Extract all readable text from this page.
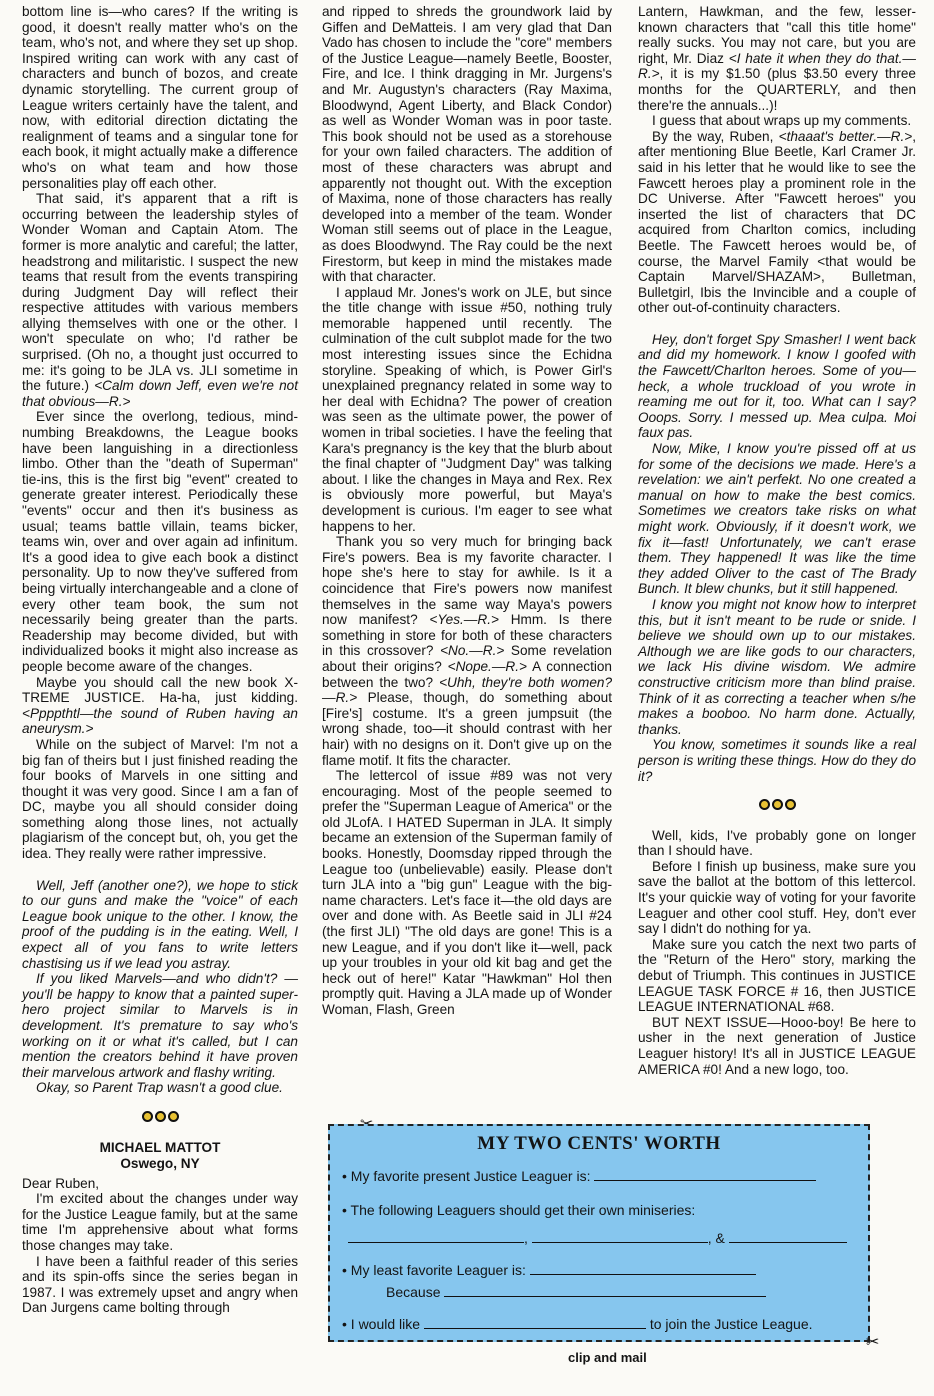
bottom line is—who cares? If the writing is good, it doesn't really matter who's on the team, who's not, and where they set up shop. Inspired writing can work with any cast of characters and bunch of bozos, and create dynamic storytelling. The current group of League writers certainly have the talent, and now, with editorial direction dictating the realignment of teams and a singular tone for each book, it might actually make a difference who's on what team and how those personalities play off each other.

That said, it's apparent that a rift is occurring between the leadership styles of Wonder Woman and Captain Atom. The former is more analytic and careful; the latter, headstrong and militaristic. I suspect the new teams that result from the events transpiring during Judgment Day will reflect their respective attitudes with various members allying themselves with one or the other. I won't speculate on who; I'd rather be surprised. (Oh no, a thought just occurred to me: it's going to be JLA vs. JLI sometime in the future.) <Calm down Jeff, even we're not that obvious—R.>

Ever since the overlong, tedious, mind-numbing Breakdowns, the League books have been languishing in a directionless limbo. Other than the "death of Superman" tie-ins, this is the first big "event" created to generate greater interest. Periodically these "events" occur and then it's business as usual; teams battle villain, teams bicker, teams win, over and over again ad infinitum. It's a good idea to give each book a distinct personality. Up to now they've suffered from being virtually interchangeable and a clone of every other team book, the sum not necessarily being greater than the parts. Readership may become divided, but with individualized books it might also increase as people become aware of the changes.

Maybe you should call the new book X-TREME JUSTICE. Ha-ha, just kidding. <Ppppthtl—the sound of Ruben having an aneurysm.>

While on the subject of Marvel: I'm not a big fan of theirs but I just finished reading the four books of Marvels in one sitting and thought it was very good. Since I am a fan of DC, maybe you all should consider doing something along those lines, not actually plagiarism of the concept but, oh, you get the idea. They really were rather impressive.

Well, Jeff (another one?), we hope to stick to our guns and make the "voice" of each League book unique to the other. I know, the proof of the pudding is in the eating. Well, I expect all of you fans to write letters chastising us if we lead you astray.

If you liked Marvels—and who didn't? —you'll be happy to know that a painted super-hero project similar to Marvels is in development. It's premature to say who's working on it or what it's called, but I can mention the creators behind it have proven their marvelous artwork and flashy writing.

Okay, so Parent Trap wasn't a good clue.

MICHAEL MATTOT
Oswego, NY

Dear Ruben,

I'm excited about the changes under way for the Justice League family, but at the same time I'm apprehensive about what forms those changes may take.

I have been a faithful reader of this series and its spin-offs since the series began in 1987. I was extremely upset and angry when Dan Jurgens came bolting through

and ripped to shreds the groundwork laid by Giffen and DeMatteis. I am very glad that Dan Vado has chosen to include the "core" members of the Justice League—namely Beetle, Booster, Fire, and Ice. I think dragging in Mr. Jurgens's and Mr. Augustyn's characters (Ray Maxima, Bloodwynd, Agent Liberty, and Black Condor) as well as Wonder Woman was in poor taste. This book should not be used as a storehouse for your own failed characters. The addition of most of these characters was abrupt and apparently not thought out. With the exception of Maxima, none of those characters has really developed into a member of the team. Wonder Woman still seems out of place in the League, as does Bloodwynd. The Ray could be the next Firestorm, but keep in mind the mistakes made with that character.

I applaud Mr. Jones's work on JLE, but since the title change with issue #50, nothing truly memorable happened until recently. The culmination of the cult subplot made for the two most interesting issues since the Echidna storyline. Speaking of which, is Power Girl's unexplained pregnancy related in some way to her deal with Echidna? The power of creation was seen as the ultimate power, the power of women in tribal societies. I have the feeling that Kara's pregnancy is the key that the blurb about the final chapter of "Judgment Day" was talking about. I like the changes in Maya and Rex. Rex is obviously more powerful, but Maya's development is curious. I'm eager to see what happens to her.

Thank you so very much for bringing back Fire's powers. Bea is my favorite character. I hope she's here to stay for awhile. Is it a coincidence that Fire's powers now manifest themselves in the same way Maya's powers now manifest? <Yes.—R.> Hmm. Is there something in store for both of these characters in this crossover? <No.—R.> Some revelation about their origins? <Nope.—R.> A connection between the two? <Uhh, they're both women?—R.> Please, though, do something about [Fire's] costume. It's a green jumpsuit (the wrong shade, too—it should contrast with her hair) with no designs on it. Don't give up on the flame motif. It fits the character.

The lettercol of issue #89 was not very encouraging. Most of the people seemed to prefer the "Superman League of America" or the old JLofA. I HATED Superman in JLA. It simply became an extension of the Superman family of books. Honestly, Doomsday ripped through the League too (unbelievable) easily. Please don't turn JLA into a "big gun" League with the big-name characters. Let's face it—the old days are over and done with. As Beetle said in JLI #24 (the first JLI) "The old days are gone! This is a new League, and if you don't like it—well, pack up your troubles in your old kit bag and get the heck out of here!" Katar "Hawkman" Hol then promptly quit. Having a JLA made up of Wonder Woman, Flash, Green

Lantern, Hawkman, and the few, lesser-known characters that "call this title home" really sucks. You may not care, but you are right, Mr. Diaz <I hate it when they do that.—R.>, it is my $1.50 (plus $3.50 every three months for the QUARTERLY, and then there're the annuals...)!

I guess that about wraps up my comments.

By the way, Ruben, <thaaat's better.—R.>, after mentioning Blue Beetle, Karl Cramer Jr. said in his letter that he would like to see the Fawcett heroes play a prominent role in the DC Universe. After "Fawcett heroes" you inserted the list of characters that DC acquired from Charlton comics, including Beetle. The Fawcett heroes would be, of course, the Marvel Family <that would be Captain Marvel/SHAZAM>, Bulletman, Bulletgirl, Ibis the Invincible and a couple of other out-of-continuity characters.

Hey, don't forget Spy Smasher! I went back and did my homework. I know I goofed with the Fawcett/Charlton heroes. Some of you—heck, a whole truckload of you wrote in reaming me out for it, too. What can I say? Ooops. Sorry. I messed up. Mea culpa. Moi faux pas.

Now, Mike, I know you're pissed off at us for some of the decisions we made. Here's a revelation: we ain't perfekt. No one created a manual on how to make the best comics. Sometimes we creators take risks on what might work. Obviously, if it doesn't work, we fix it—fast! Unfortunately, we can't erase them. They happened! It was like the time they added Oliver to the cast of The Brady Bunch. It blew chunks, but it still happened.

I know you might not know how to interpret this, but it isn't meant to be rude or snide. I believe we should own up to our mistakes. Although we are like gods to our characters, we lack His divine wisdom. We admire constructive criticism more than blind praise. Think of it as correcting a teacher when s/he makes a booboo. No harm done. Actually, thanks.

You know, sometimes it sounds like a real person is writing these things. How do they do it?

Well, kids, I've probably gone on longer than I should have.

Before I finish up business, make sure you save the ballot at the bottom of this lettercol. It's your quickie way of voting for your favorite Leaguer and other cool stuff. Hey, don't ever say I didn't do nothing for ya.

Make sure you catch the next two parts of the "Return of the Hero" story, marking the debut of Triumph. This continues in JUSTICE LEAGUE TASK FORCE # 16, then JUSTICE LEAGUE INTERNATIONAL #68.

BUT NEXT ISSUE—Hooo-boy! Be here to usher in the next generation of Justice Leaguer history! It's all in JUSTICE LEAGUE AMERICA #0! And a new logo, too.

MY TWO CENTS' WORTH
• My favorite present Justice Leaguer is:
• The following Leaguers should get their own miniseries:
,	, &
• My least favorite Leaguer is:
Because
• I would like	to join the Justice League.
✂
clip and mail
